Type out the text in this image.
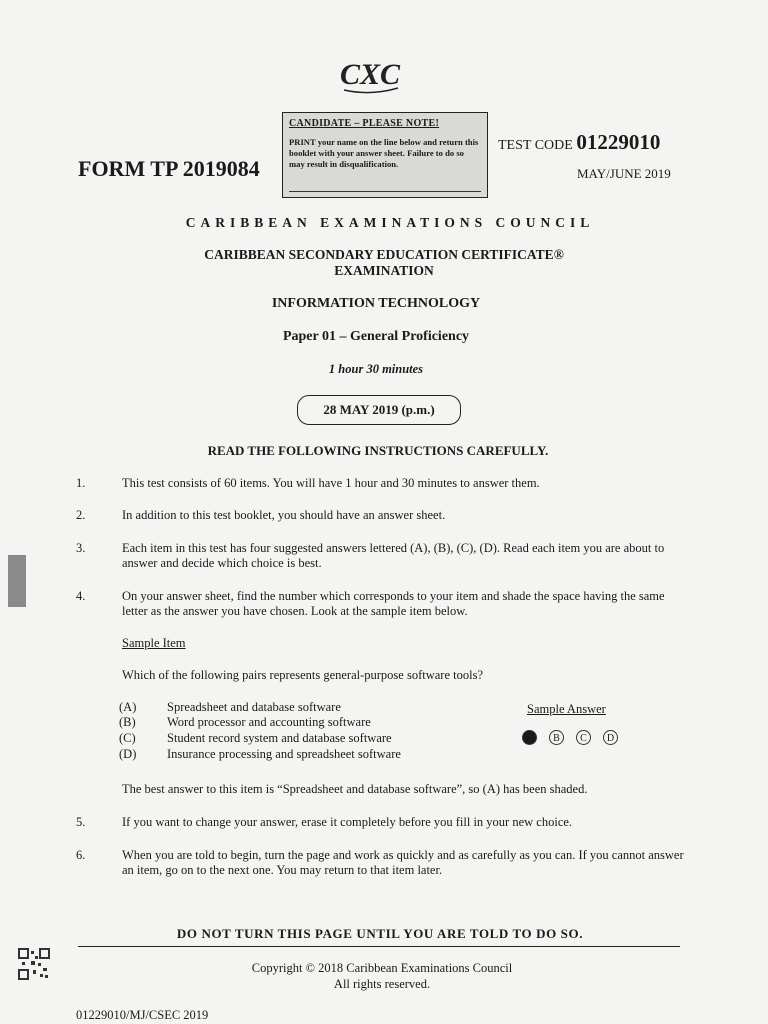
CXC
CANDIDATE – PLEASE NOTE!
PRINT your name on the line below and return this booklet with your answer sheet. Failure to do so may result in disqualification.
FORM TP 2019084
TEST CODE 01229010
MAY/JUNE 2019
CARIBBEAN EXAMINATIONS COUNCIL
CARIBBEAN SECONDARY EDUCATION CERTIFICATE®
EXAMINATION
INFORMATION TECHNOLOGY
Paper 01 – General Proficiency
1 hour 30 minutes
28 MAY 2019 (p.m.)
READ THE FOLLOWING INSTRUCTIONS CAREFULLY.
1.	This test consists of 60 items. You will have 1 hour and 30 minutes to answer them.
2.	In addition to this test booklet, you should have an answer sheet.
3.	Each item in this test has four suggested answers lettered (A), (B), (C), (D). Read each item you are about to answer and decide which choice is best.
4.	On your answer sheet, find the number which corresponds to your item and shade the space having the same letter as the answer you have chosen. Look at the sample item below.
Sample Item
Which of the following pairs represents general-purpose software tools?
(A) Spreadsheet and database software
(B)	Word processor and accounting software
(C)	Student record system and database software
(D) Insurance processing and spreadsheet software
Sample Answer
A	B	C	D
The best answer to this item is “Spreadsheet and database software”, so (A) has been shaded.
5.	If you want to change your answer, erase it completely before you fill in your new choice.
6.	When you are told to begin, turn the page and work as quickly and as carefully as you can. If you cannot answer an item, go on to the next one. You may return to that item later.
DO NOT TURN THIS PAGE UNTIL YOU ARE TOLD TO DO SO.
Copyright © 2018 Caribbean Examinations Council
All rights reserved.
01229010/MJ/CSEC 2019
